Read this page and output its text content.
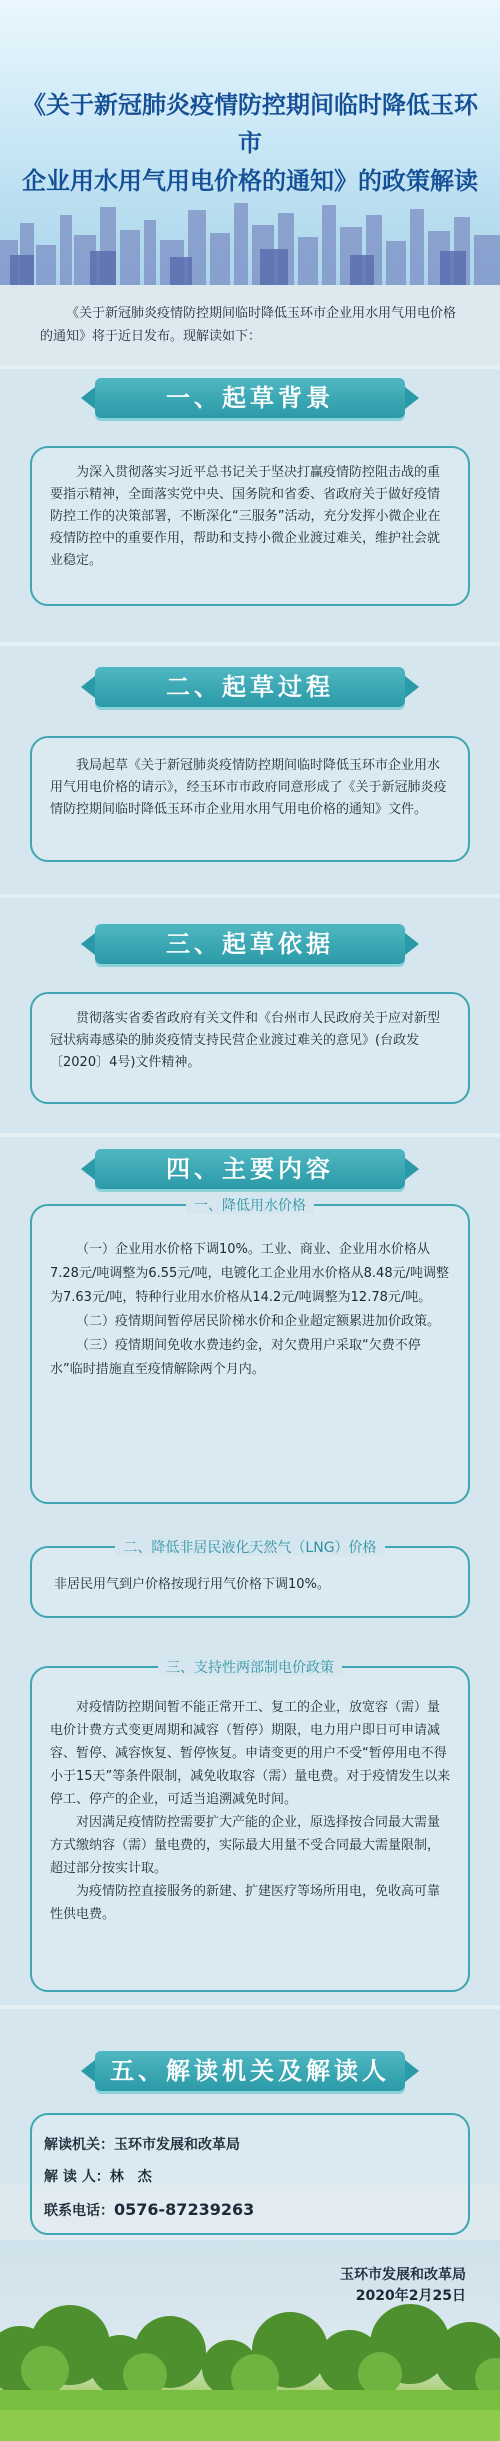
《关于新冠肺炎疫情防控期间临时降低玉环市
企业用水用气用电价格的通知》的政策解读
《关于新冠肺炎疫情防控期间临时降低玉环市企业用水用气用电价格的通知》将于近日发布。现解读如下：
一、起草背景

为深入贯彻落实习近平总书记关于坚决打赢疫情防控阻击战的重要指示精神，全面落实党中央、国务院和省委、省政府关于做好疫情防控工作的决策部署，不断深化“三服务”活动，充分发挥小微企业在疫情防控中的重要作用，帮助和支持小微企业渡过难关，维护社会就业稳定。

二、起草过程

我局起草《关于新冠肺炎疫情防控期间临时降低玉环市企业用水用气用电价格的请示》，经玉环市市政府同意形成了《关于新冠肺炎疫情防控期间临时降低玉环市企业用水用气用电价格的通知》文件。

三、起草依据

贯彻落实省委省政府有关文件和《台州市人民政府关于应对新型冠状病毒感染的肺炎疫情支持民营企业渡过难关的意见》(台政发〔2020〕4号)文件精神。

四、主要内容
一、降低用水价格

（一）企业用水价格下调10%。工业、商业、企业用水价格从7.28元/吨调整为6.55元/吨，电镀化工企业用水价格从8.48元/吨调整为7.63元/吨，特种行业用水价格从14.2元/吨调整为12.78元/吨。

（二）疫情期间暂停居民阶梯水价和企业超定额累进加价政策。

（三）疫情期间免收水费违约金，对欠费用户采取“欠费不停水”临时措施直至疫情解除两个月内。

二、降低非居民液化天然气（LNG）价格

非居民用气到户价格按现行用气价格下调10%。

三、支持性两部制电价政策

对疫情防控期间暂不能正常开工、复工的企业，放宽容（需）量电价计费方式变更周期和减容（暂停）期限，电力用户即日可申请减容、暂停、减容恢复、暂停恢复。申请变更的用户不受“暂停用电不得小于15天”等条件限制，减免收取容（需）量电费。对于疫情发生以来停工、停产的企业，可适当追溯减免时间。

对因满足疫情防控需要扩大产能的企业，原选择按合同最大需量方式缴纳容（需）量电费的，实际最大用量不受合同最大需量限制，超过部分按实计取。

为疫情防控直接服务的新建、扩建医疗等场所用电，免收高可靠性供电费。

五、解读机关及解读人
解读机关：玉环市发展和改革局
解 读 人：林　杰
联系电话：0576-87239263
玉环市发展和改革局
2020年2月25日
